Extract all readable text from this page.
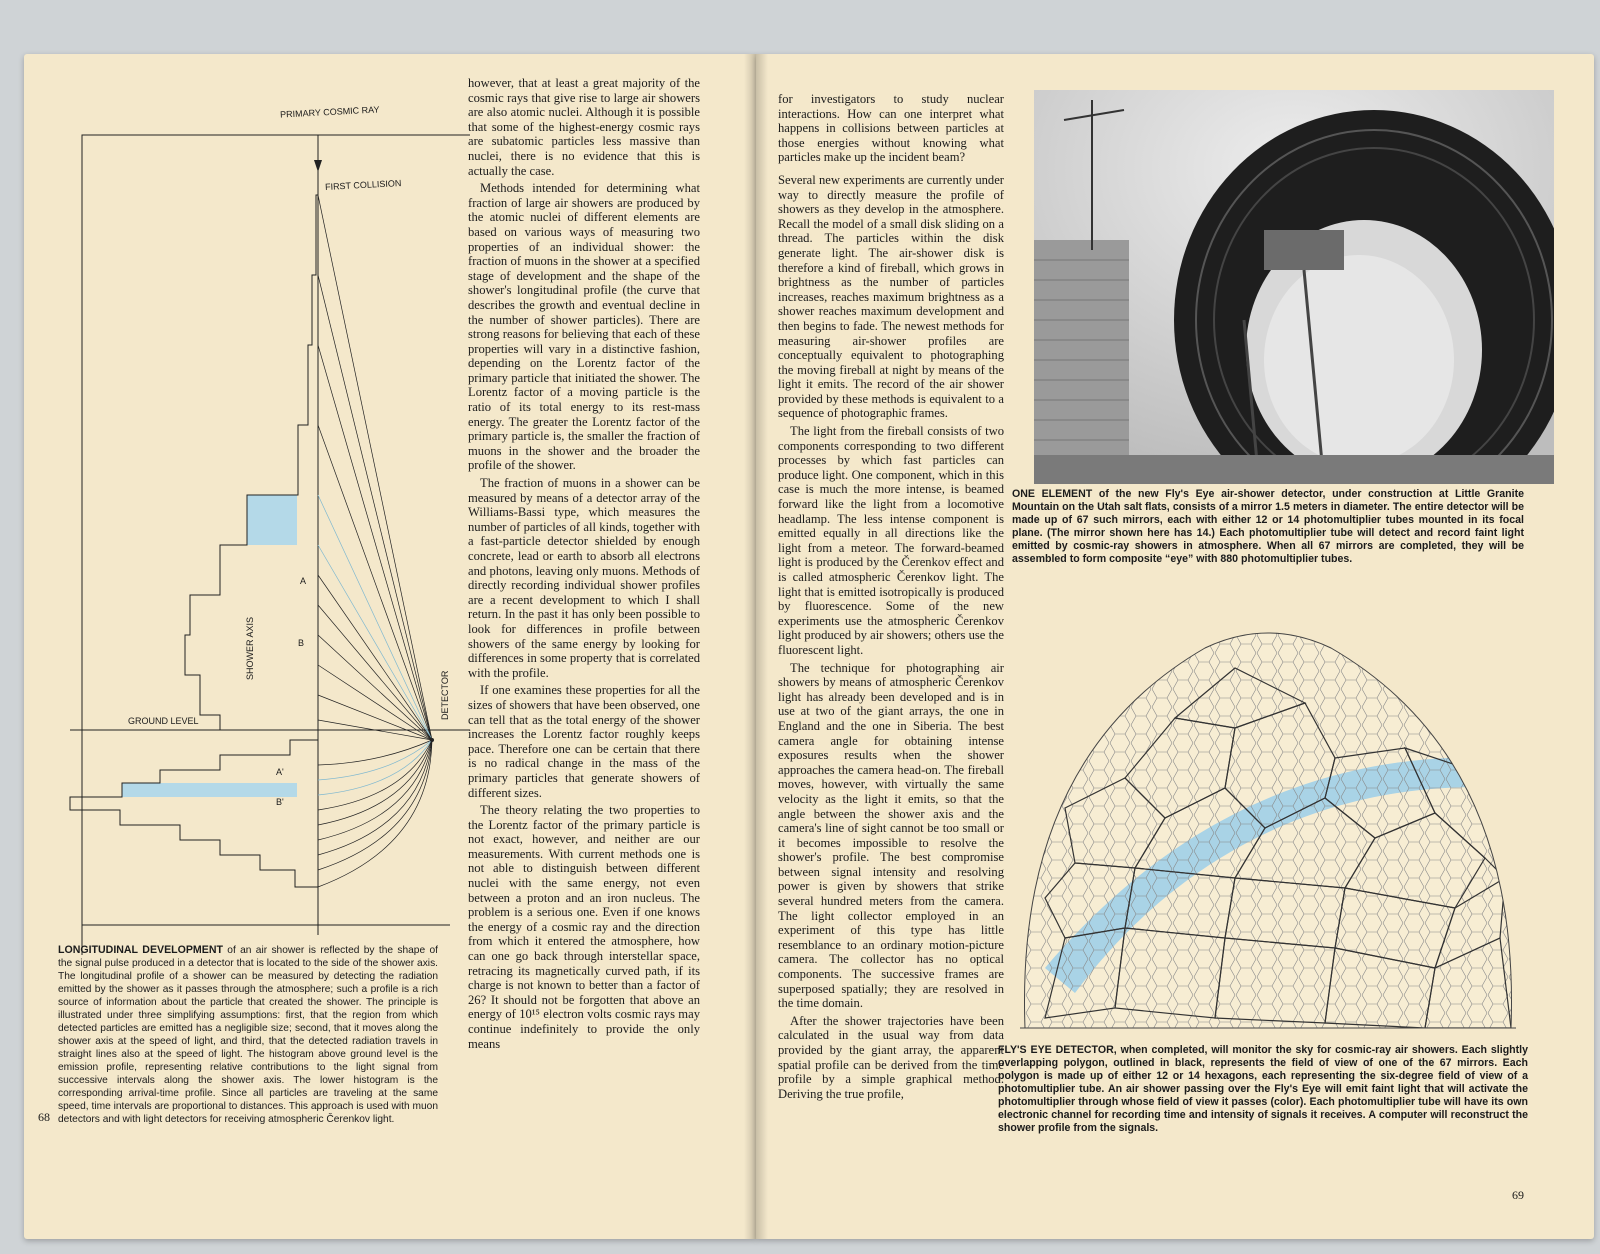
PRIMARY COSMIC RAY
FIRST COLLISION
GROUND LEVEL
SHOWER AXIS
DETECTOR
A
B
A'
B'
LONGITUDINAL DEVELOPMENT of an air shower is reflected by the shape of the signal pulse produced in a detector that is located to the side of the shower axis. The longitudinal profile of a shower can be measured by detecting the radiation emitted by the shower as it passes through the atmosphere; such a profile is a rich source of information about the particle that created the shower. The principle is illustrated under three simplifying assumptions: first, that the region from which detected particles are emitted has a negligible size; second, that it moves along the shower axis at the speed of light, and third, that the detected radiation travels in straight lines also at the speed of light. The histogram above ground level is the emission profile, representing relative contributions to the light signal from successive intervals along the shower axis. The lower histogram is the corresponding arrival-time profile. Since all particles are traveling at the same speed, time intervals are proportional to distances. This approach is used with muon detectors and with light detectors for receiving atmospheric Čerenkov light.
68

however, that at least a great majority of the cosmic rays that give rise to large air showers are also atomic nuclei. Although it is possible that some of the highest-energy cosmic rays are subatomic particles less massive than nuclei, there is no evidence that this is actually the case.

Methods intended for determining what fraction of large air showers are produced by the atomic nuclei of different elements are based on various ways of measuring two properties of an individual shower: the fraction of muons in the shower at a specified stage of development and the shape of the shower's longitudinal profile (the curve that describes the growth and eventual decline in the number of shower particles). There are strong reasons for believing that each of these properties will vary in a distinctive fashion, depending on the Lorentz factor of the primary particle that initiated the shower. The Lorentz factor of a moving particle is the ratio of its total energy to its rest-mass energy. The greater the Lorentz factor of the primary particle is, the smaller the fraction of muons in the shower and the broader the profile of the shower.

The fraction of muons in a shower can be measured by means of a detector array of the Williams-Bassi type, which measures the number of particles of all kinds, together with a fast-particle detector shielded by enough concrete, lead or earth to absorb all electrons and photons, leaving only muons. Methods of directly recording individual shower profiles are a recent development to which I shall return. In the past it has only been possible to look for differences in profile between showers of the same energy by looking for differences in some property that is correlated with the profile.

If one examines these properties for all the sizes of showers that have been observed, one can tell that as the total energy of the shower increases the Lorentz factor roughly keeps pace. Therefore one can be certain that there is no radical change in the mass of the primary particles that generate showers of different sizes.

The theory relating the two properties to the Lorentz factor of the primary particle is not exact, however, and neither are our measurements. With current methods one is not able to distinguish between different nuclei with the same energy, not even between a proton and an iron nucleus. The problem is a serious one. Even if one knows the energy of a cosmic ray and the direction from which it entered the atmosphere, how can one go back through interstellar space, retracing its magnetically curved path, if its charge is not known to better than a factor of 26? It should not be forgotten that above an energy of 10¹⁵ electron volts cosmic rays may continue indefinitely to provide the only means

for investigators to study nuclear interactions. How can one interpret what happens in collisions between particles at those energies without knowing what particles make up the incident beam?

Several new experiments are currently under way to directly measure the profile of showers as they develop in the atmosphere. Recall the model of a small disk sliding on a thread. The particles within the disk generate light. The air-shower disk is therefore a kind of fireball, which grows in brightness as the number of particles increases, reaches maximum brightness as a shower reaches maximum development and then begins to fade. The newest methods for measuring air-shower profiles are conceptually equivalent to photographing the moving fireball at night by means of the light it emits. The record of the air shower provided by these methods is equivalent to a sequence of photographic frames.

The light from the fireball consists of two components corresponding to two different processes by which fast particles can produce light. One component, which in this case is much the more intense, is beamed forward like the light from a locomotive headlamp. The less intense component is emitted equally in all directions like the light from a meteor. The forward-beamed light is produced by the Čerenkov effect and is called atmospheric Čerenkov light. The light that is emitted isotropically is produced by fluorescence. Some of the new experiments use the atmospheric Čerenkov light produced by air showers; others use the fluorescent light.

The technique for photographing air showers by means of atmospheric Čerenkov light has already been developed and is in use at two of the giant arrays, the one in England and the one in Siberia. The best camera angle for obtaining intense exposures results when the shower approaches the camera head-on. The fireball moves, however, with virtually the same velocity as the light it emits, so that the angle between the shower axis and the camera's line of sight cannot be too small or it becomes impossible to resolve the shower's profile. The best compromise between signal intensity and resolving power is given by showers that strike several hundred meters from the camera. The light collector employed in an experiment of this type has little resemblance to an ordinary motion-picture camera. The collector has no optical components. The successive frames are superposed spatially; they are resolved in the time domain.

After the shower trajectories have been calculated in the usual way from data provided by the giant array, the apparent spatial profile can be derived from the time profile by a simple graphical method. Deriving the true profile,

ONE ELEMENT of the new Fly's Eye air-shower detector, under construction at Little Granite Mountain on the Utah salt flats, consists of a mirror 1.5 meters in diameter. The entire detector will be made up of 67 such mirrors, each with either 12 or 14 photomultiplier tubes mounted in its focal plane. (The mirror shown here has 14.) Each photomultiplier tube will detect and record faint light emitted by cosmic-ray showers in atmosphere. When all 67 mirrors are completed, they will be assembled to form composite “eye” with 880 photomultiplier tubes.
FLY'S EYE DETECTOR, when completed, will monitor the sky for cosmic-ray air showers. Each slightly overlapping polygon, outlined in black, represents the field of view of one of the 67 mirrors. Each polygon is made up of either 12 or 14 hexagons, each representing the six-degree field of view of a photomultiplier tube. An air shower passing over the Fly's Eye will emit faint light that will activate the photomultiplier through whose field of view it passes (color). Each photomultiplier tube will have its own electronic channel for recording time and intensity of signals it receives. A computer will reconstruct the shower profile from the signals.
69
